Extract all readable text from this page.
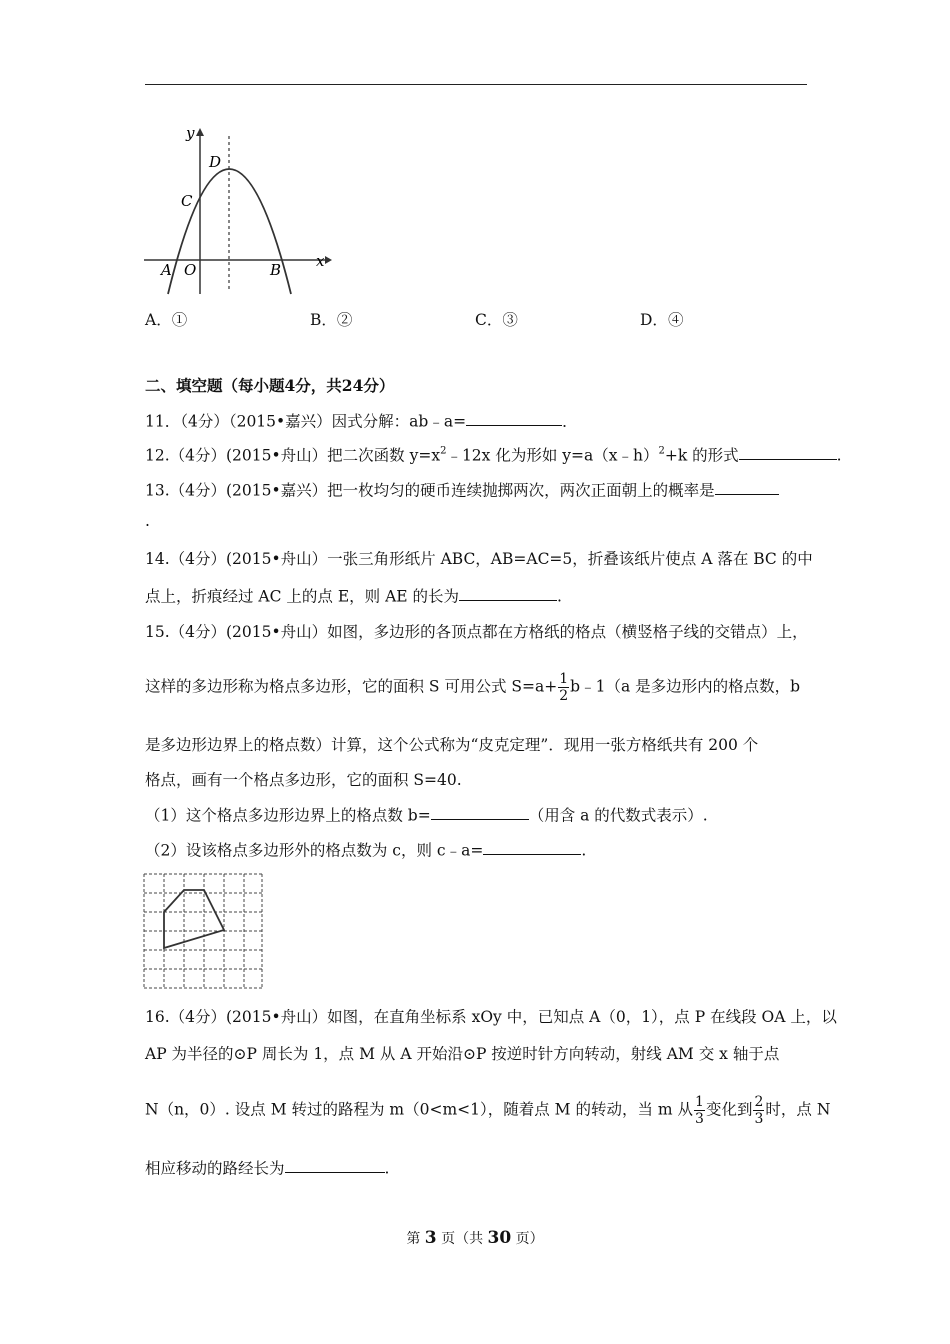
y
x
D
C
A O	B
A．①	B．②	C．③	D．④
二、填空题（每小题4分，共24分）
11．（4分）（2015•嘉兴）因式分解：ab﹣a=	．
12.（4分）(2015•舟山）把二次函数 $y=x^2﹣12x$ 化为形如 y=a（x﹣h）$^2$+k 的形式	.
13.（4分）(2015•嘉兴）把一枚均匀的硬币连续抛掷两次，两次正面朝上的概率是
.
14.（4分）(2015•舟山）一张三角形纸片 ABC，AB=AC=5，折叠该纸片使点 A 落在 BC 的中
点上，折痕经过 AC 上的点 E，则 AE 的长为	.
15.（4分）(2015•舟山）如图，多边形的各顶点都在方格纸的格点（横竖格子线的交错点）上，
这样的多边形称为格点多边形，它的面积 S 可用公式 $S=a+ \frac{1}{2}$ b﹣1（a 是多边形内的格点数，b
是多边形边界上的格点数）计算，这个公式称为“皮克定理”．现用一张方格纸共有 200 个
格点，画有一个格点多边形，它的面积 S=40.
（1）这个格点多边形边界上的格点数 b=	（用含 a 的代数式表示）.
（2）设该格点多边形外的格点数为 c，则 c﹣a=	.
16.（4分）(2015•舟山）如图，在直角坐标系 xOy 中，已知点 A（0，1），点 P 在线段 OA 上，以
AP 为半径的⊙P 周长为 1，点 M 从 A 开始沿⊙P 按逆时针方向转动，射线 AM 交 x 轴于点
N（n，0）. 设点 M 转过的路程为 m（0<m<1），随着点 M 的转动，当 m 从 $\frac{1}{3}$ 变化到 $\frac{2}{3}$ 时，点 N
相应移动的路经长为	.
第 3 页（共 30 页）
